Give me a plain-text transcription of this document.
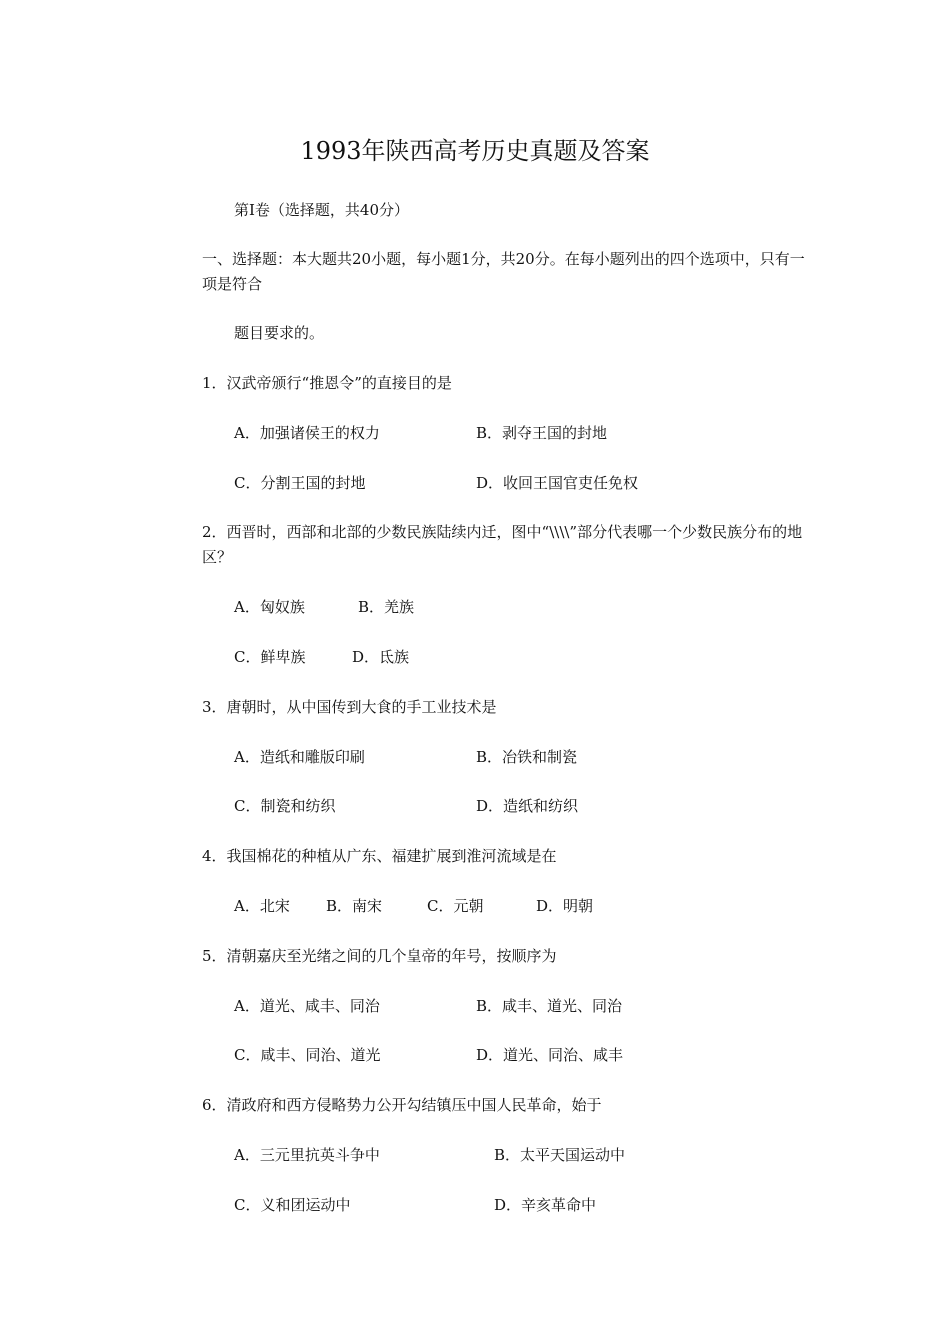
1993年陕西高考历史真题及答案
第Ⅰ卷（选择题，共40分）
一、选择题：本大题共20小题，每小题1分，共20分。在每小题列出的四个选项中，只有一项是符合
题目要求的。
1．汉武帝颁行“推恩令”的直接目的是
A．加强诸侯王的权力	B．剥夺王国的封地
C．分割王国的封地	D．收回王国官吏任免权
2．西晋时，西部和北部的少数民族陆续内迁，图中“\\\\”部分代表哪一个少数民族分布的地区？
A．匈奴族	B．羌族
C．鲜卑族	D．氐族
3．唐朝时，从中国传到大食的手工业技术是
A．造纸和雕版印刷	B．冶铁和制瓷
C．制瓷和纺织	D．造纸和纺织
4．我国棉花的种植从广东、福建扩展到淮河流域是在
A．北宋 B．南宋	C．元朝	D．明朝
5．清朝嘉庆至光绪之间的几个皇帝的年号，按顺序为
A．道光、咸丰、同治	B．咸丰、道光、同治
C．咸丰、同治、道光	D．道光、同治、咸丰
6．清政府和西方侵略势力公开勾结镇压中国人民革命，始于
A．三元里抗英斗争中	B．太平天国运动中
C．义和团运动中	D．辛亥革命中
